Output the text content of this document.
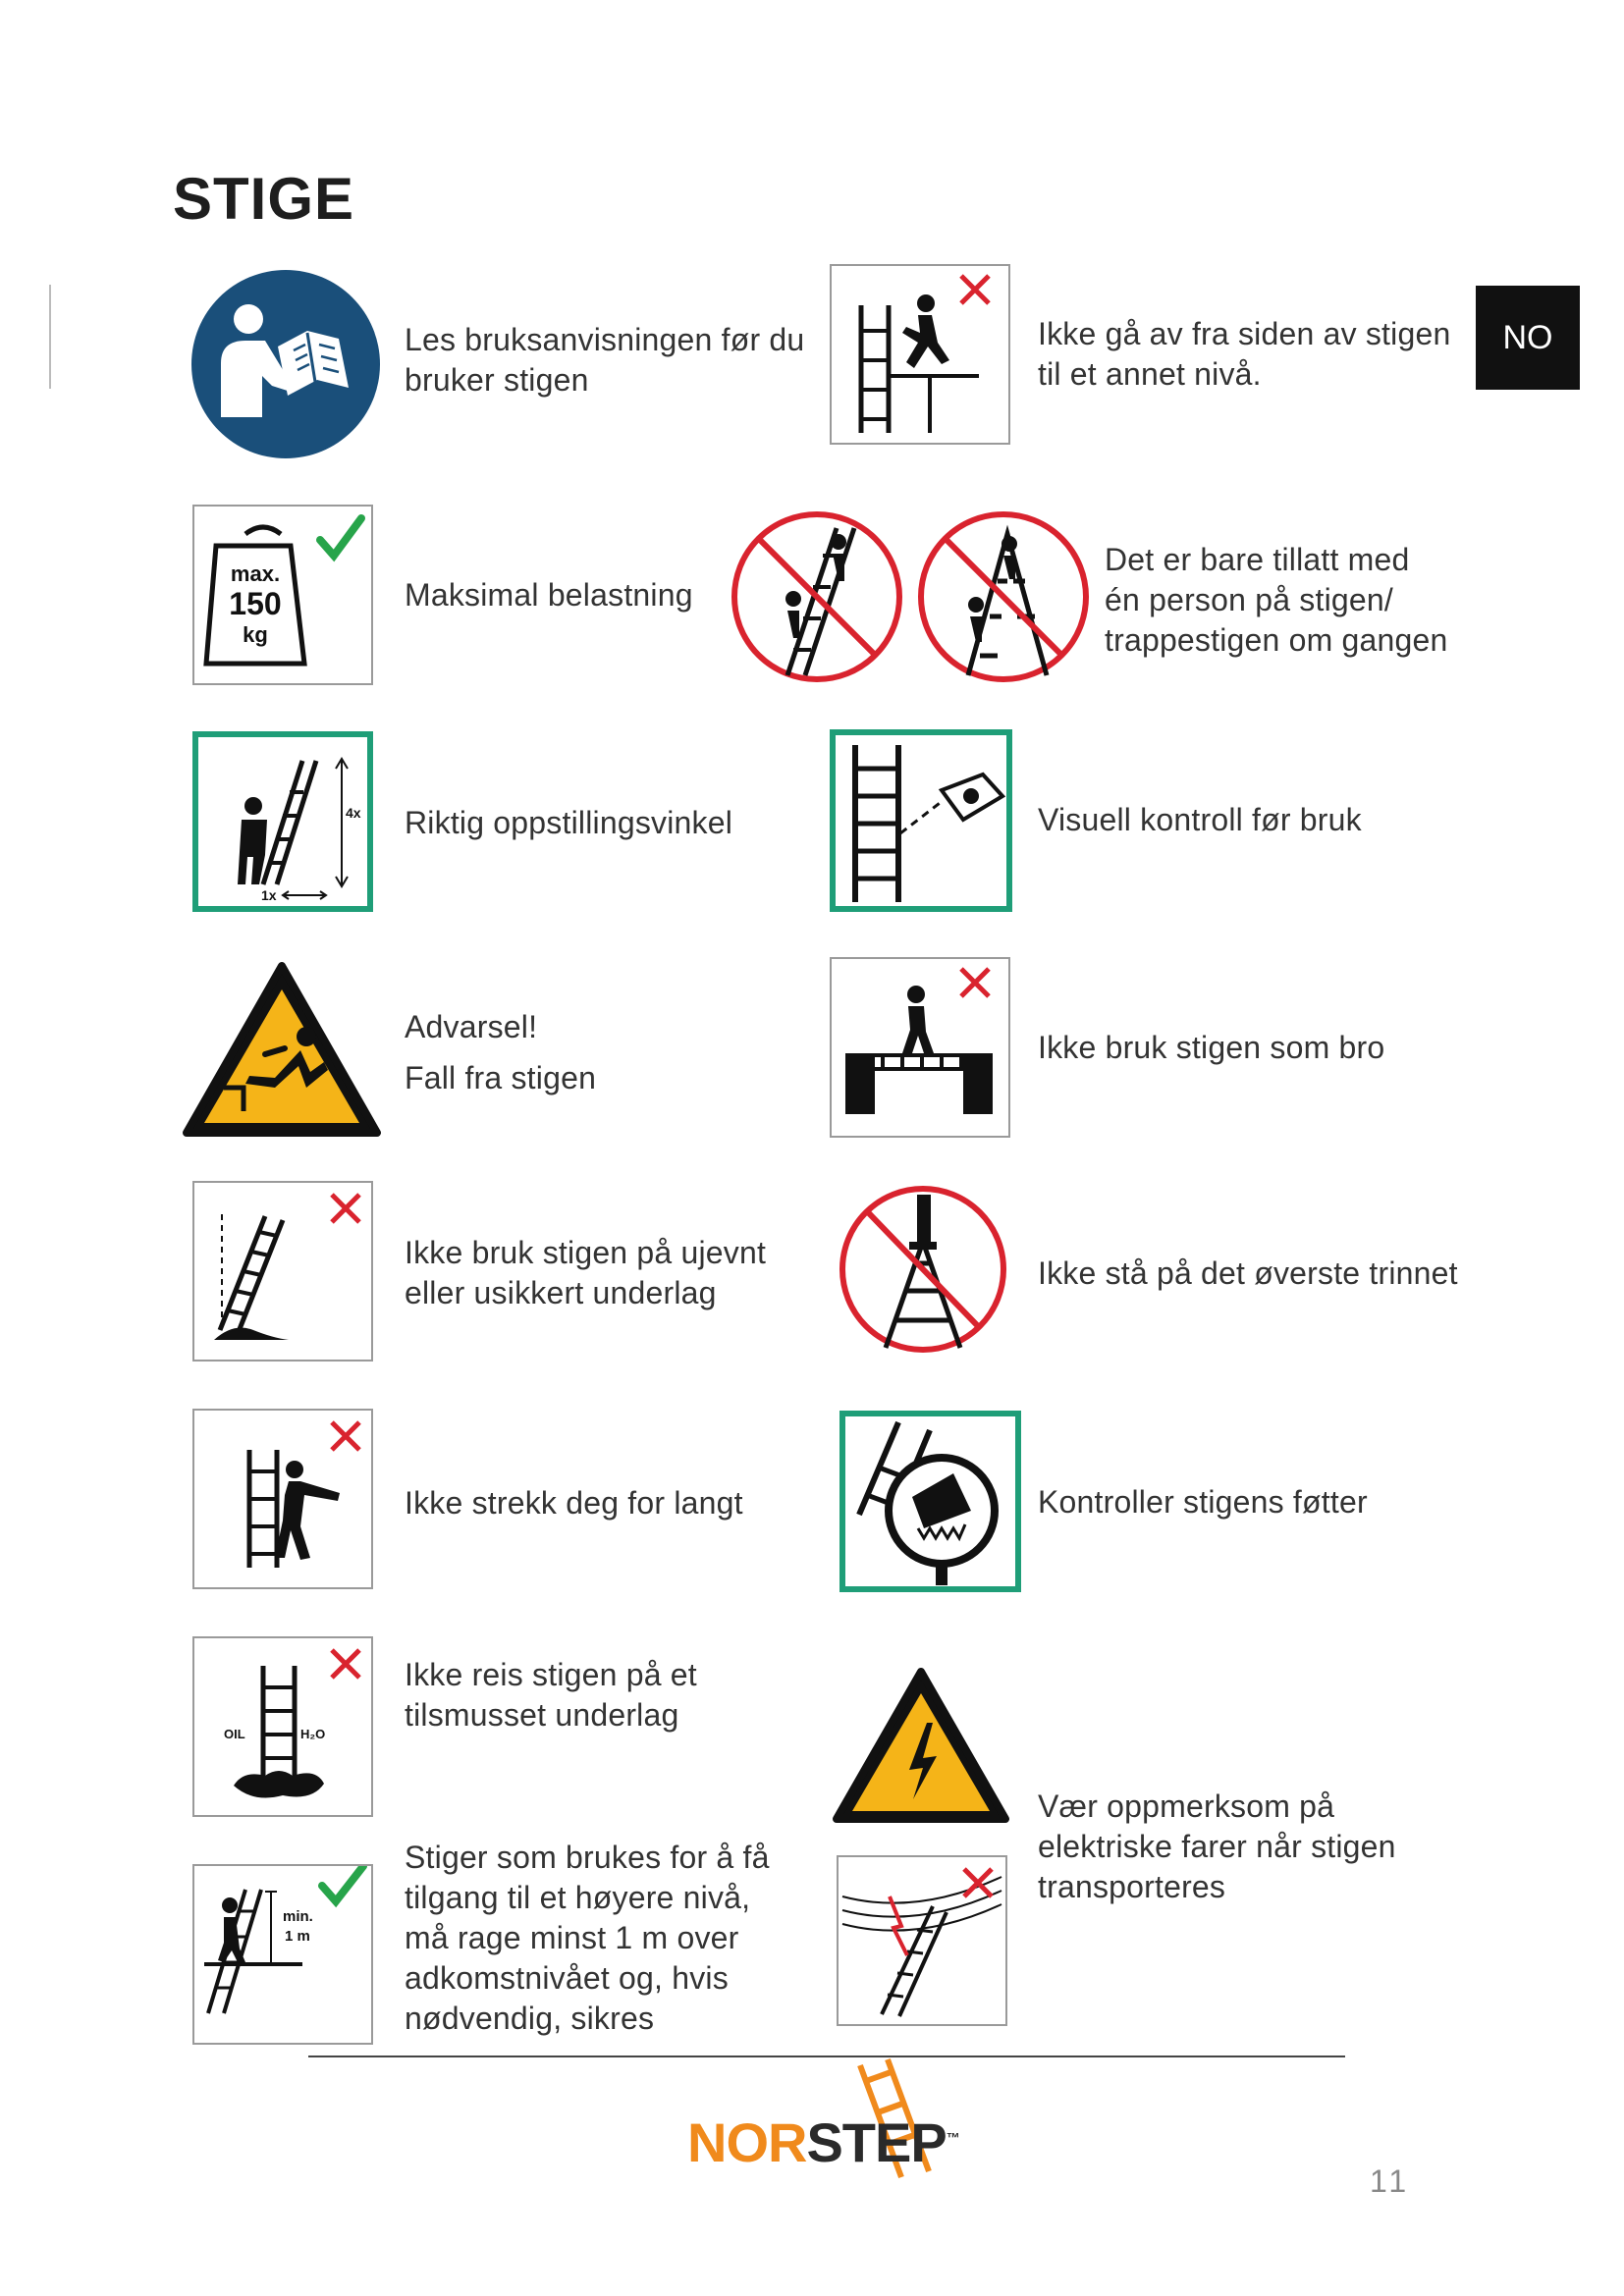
STIGE
NO
Les bruksanvisningen før du
bruker stigen
max.
150
kg
Maksimal belastning
4x
1x
Riktig oppstillingsvinkel
Advarsel!
Fall fra stigen
Ikke bruk stigen på ujevnt
eller usikkert underlag
Ikke strekk deg for langt
OIL	H₂O
Ikke reis stigen på et
tilsmusset underlag
min.
1 m
Stiger som brukes for å få
tilgang til et høyere nivå,
må rage minst 1 m over
adkomstnivået og, hvis
nødvendig, sikres
Ikke gå av fra siden av stigen
til et annet nivå.
Det er bare tillatt med
én person på stigen/
trappestigen om gangen
Visuell kontroll før bruk
Ikke bruk stigen som bro
Ikke stå på det øverste trinnet
Kontroller stigens føtter
Vær oppmerksom på
elektriske farer når stigen
transporteres
NORSTEP™
11
